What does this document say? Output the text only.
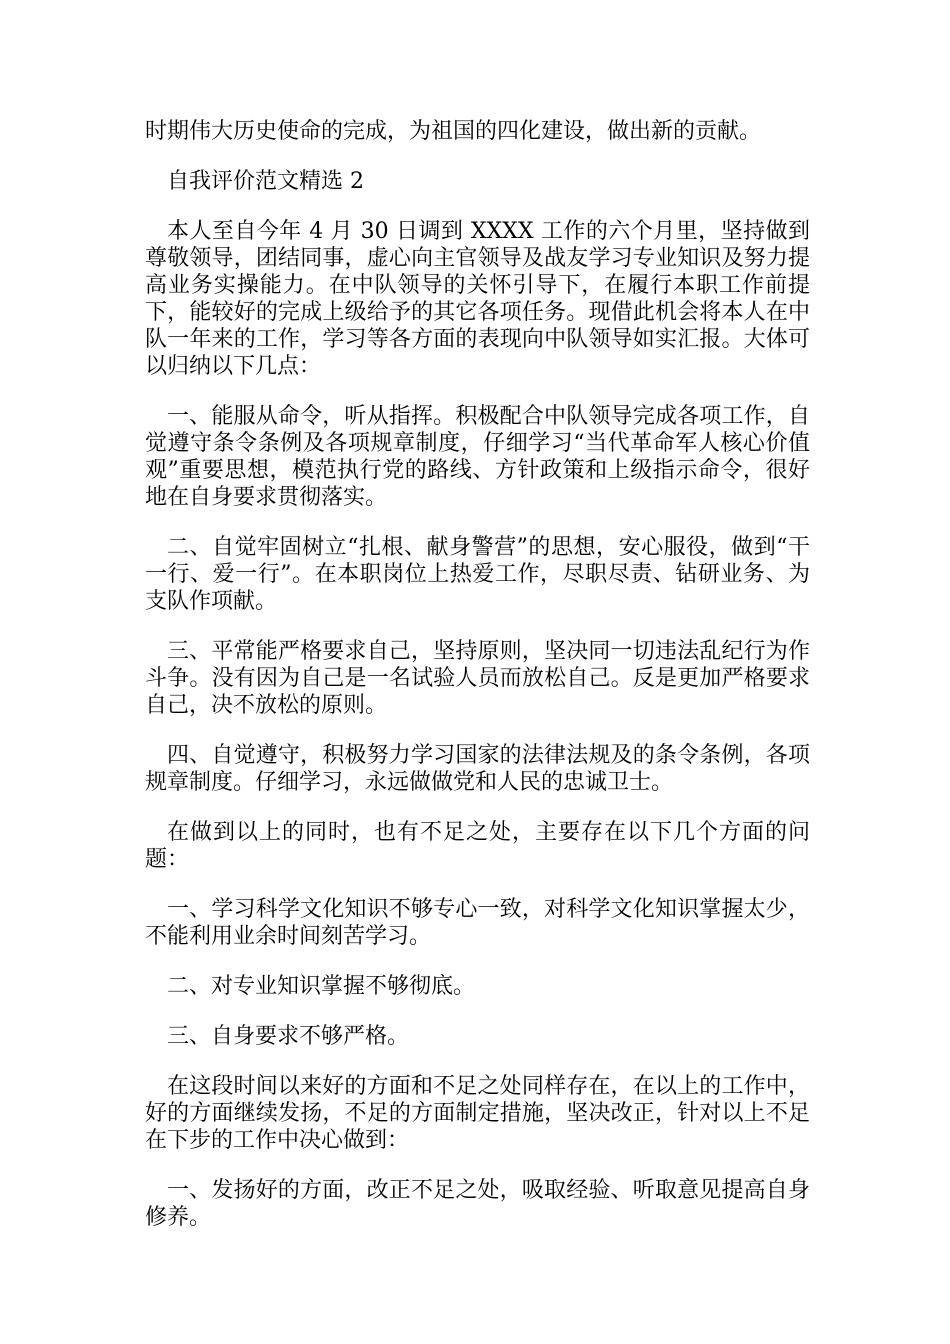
时期伟大历史使命的完成，为祖国的四化建设，做出新的贡献。

自我评价范文精选 2

本人至自今年 4 月 30 日调到 XXXX 工作的六个月里，坚持做到尊敬领导，团结同事，虚心向主官领导及战友学习专业知识及努力提高业务实操能力。在中队领导的关怀引导下，在履行本职工作前提下，能较好的完成上级给予的其它各项任务。现借此机会将本人在中队一年来的工作，学习等各方面的表现向中队领导如实汇报。大体可以归纳以下几点：

一、能服从命令，听从指挥。积极配合中队领导完成各项工作，自觉遵守条令条例及各项规章制度，仔细学习“当代革命军人核心价值观”重要思想，模范执行党的路线、方针政策和上级指示命令，很好地在自身要求贯彻落实。

二、自觉牢固树立“扎根、献身警营”的思想，安心服役，做到“干一行、爱一行”。在本职岗位上热爱工作，尽职尽责、钻研业务、为支队作项献。

三、平常能严格要求自己，坚持原则，坚决同一切违法乱纪行为作斗争。没有因为自己是一名试验人员而放松自己。反是更加严格要求自己，决不放松的原则。

四、自觉遵守，积极努力学习国家的法律法规及的条令条例，各项规章制度。仔细学习，永远做做党和人民的忠诚卫士。

在做到以上的同时，也有不足之处，主要存在以下几个方面的问题：

一、学习科学文化知识不够专心一致，对科学文化知识掌握太少，不能利用业余时间刻苦学习。

二、对专业知识掌握不够彻底。

三、自身要求不够严格。

在这段时间以来好的方面和不足之处同样存在，在以上的工作中，好的方面继续发扬，不足的方面制定措施，坚决改正，针对以上不足在下步的工作中决心做到：

一、发扬好的方面，改正不足之处，吸取经验、听取意见提高自身修养。
